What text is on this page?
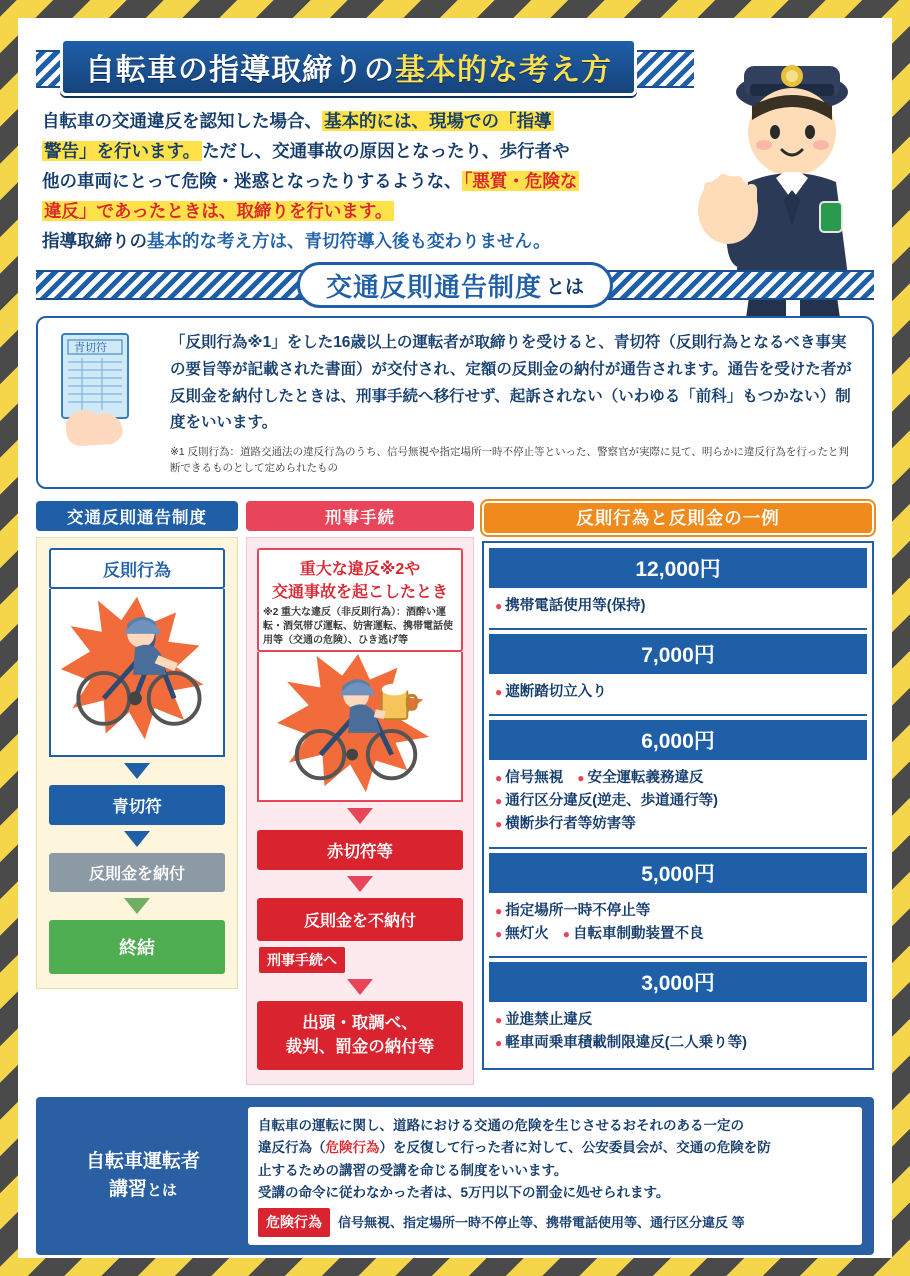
自転車の指導取締りの基本的な考え方
自転車の交通違反を認知した場合、 基本的には、現場での「指導
警告」を行います。 ただし、交通事故の原因となったり、歩行者や
他の車両にとって危険・迷惑となったりするような、 「悪質・危険な
違反」であったときは、取締りを行います。
指導取締りの基本的な考え方は、青切符導入後も変わりません。
交通反則通告制度 とは
青切符	「反則行為※1」をした16歳以上の運転者が取締りを受けると、青切符（反則行為となるべき事実の要旨等が記載された書面）が交付され、定額の反則金の納付が通告されます。通告を受けた者が反則金を納付したときは、刑事手続へ移行せず、起訴されない（いわゆる「前科」もつかない）制度をいいます。

※1 反則行為：道路交通法の違反行為のうち、信号無視や指定場所一時不停止等といった、警察官が実際に見て、明らかに違反行為を行ったと判断できるものとして定められたもの

交通反則通告制度
反則行為
青切符
反則金を納付
終結
刑事手続
重大な違反※2や
交通事故を起こしたとき
※2 重大な違反（非反則行為）：酒酔い運転・酒気帯び運転、妨害運転、携帯電話使用等（交通の危険）、ひき逃げ等
赤切符等
反則金を不納付
刑事手続へ
出頭・取調べ、
裁判、罰金の納付等
反則行為と反則金の一例
12,000円
● 携帯電話使用等(保持)
7,000円
● 遮断踏切立入り
6,000円
● 信号無視	● 安全運転義務違反
● 通行区分違反(逆走、歩道通行等)
● 横断歩行者等妨害等
5,000円
● 指定場所一時不停止等
● 無灯火	● 自転車制動装置不良
3,000円
● 並進禁止違反
● 軽車両乗車積載制限違反(二人乗り等)
自転車運転者
講習とは
自転車の運転に関し、道路における交通の危険を生じさせるおそれのある一定の
違反行為（危険行為）を反復して行った者に対して、公安委員会が、交通の危険を防
止するための講習の受講を命じる制度をいいます。
受講の命令に従わなかった者は、5万円以下の罰金に処せられます。
危険行為	信号無視、指定場所一時不停止等、携帯電話使用等、通行区分違反 等
